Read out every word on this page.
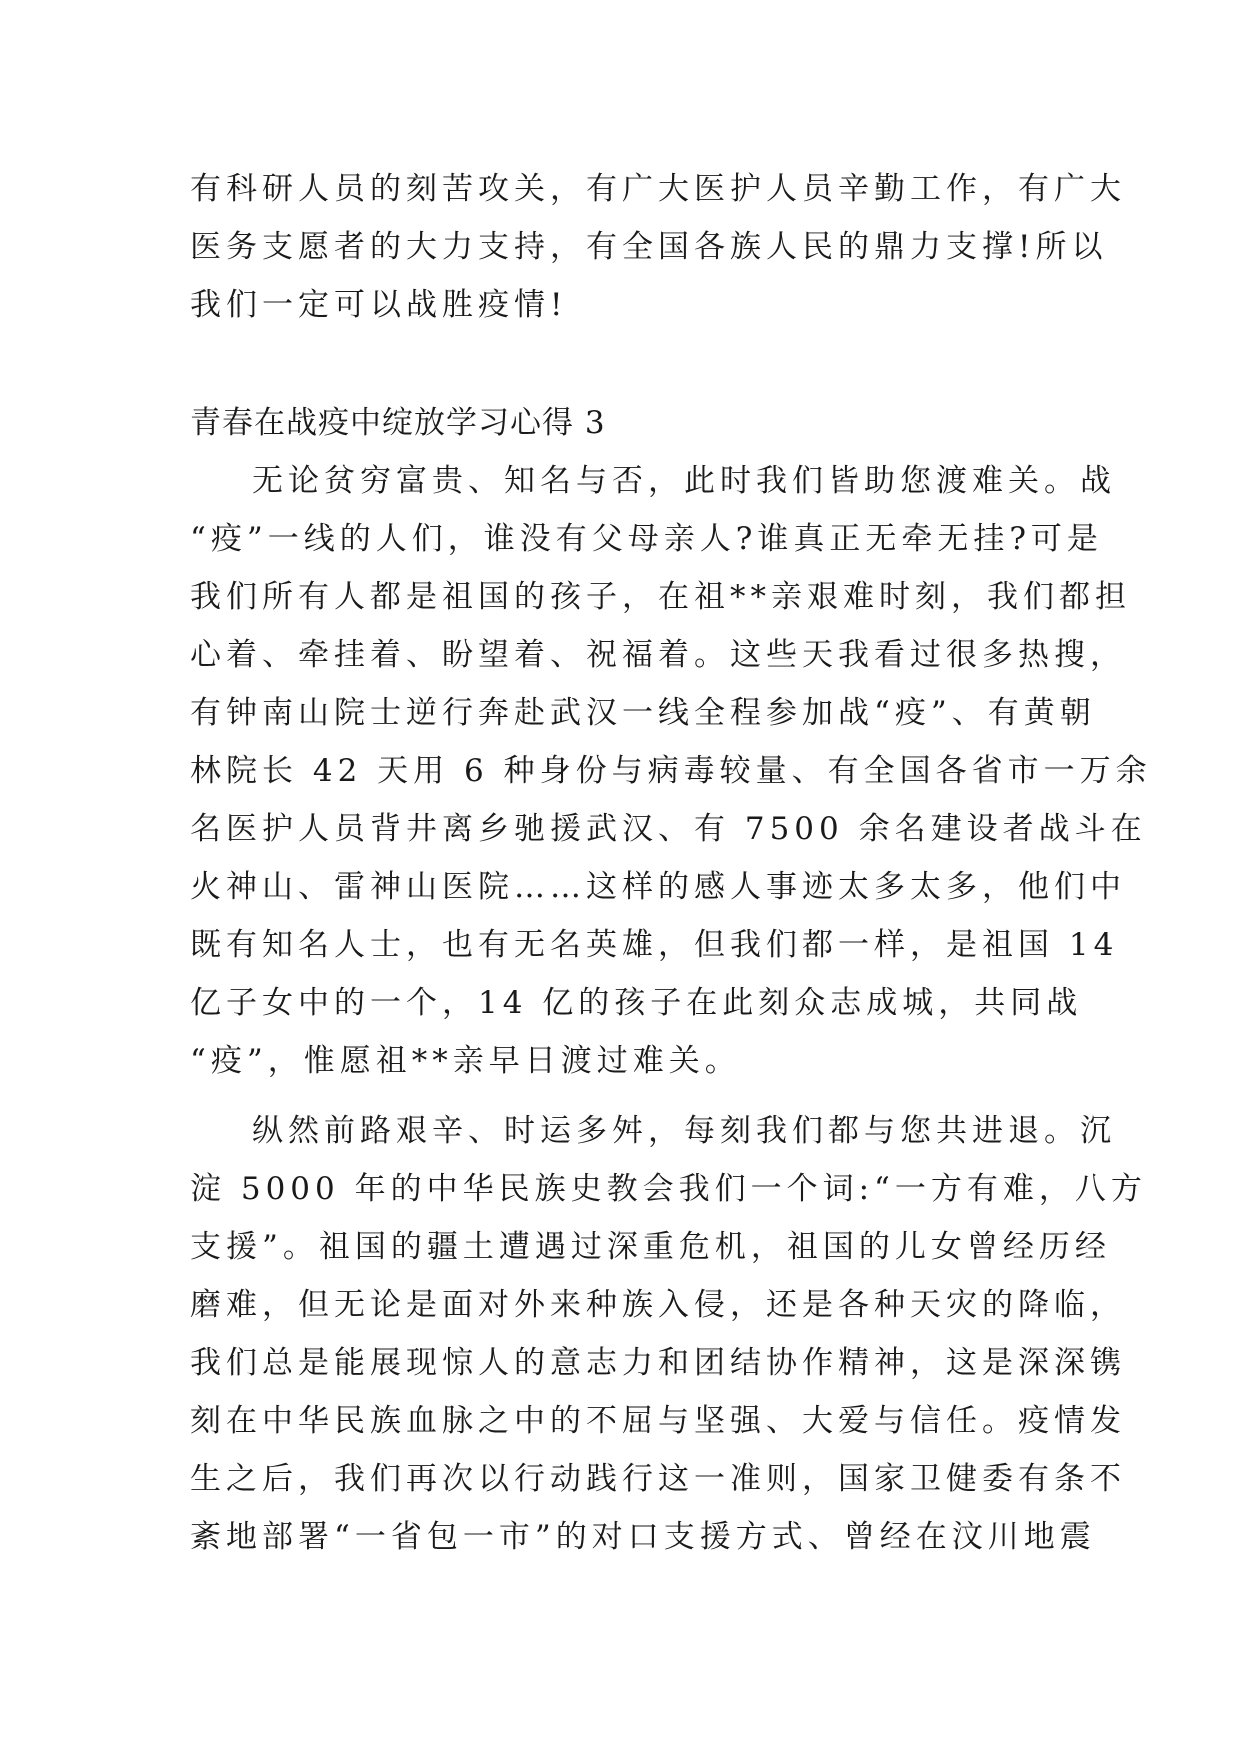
有科研人员的刻苦攻关，有广大医护人员辛勤工作，有广大
医务支愿者的大力支持，有全国各族人民的鼎力支撑!所以
我们一定可以战胜疫情!
青春在战疫中绽放学习心得 3
无论贫穷富贵、知名与否，此时我们皆助您渡难关。战
“疫”一线的人们，谁没有父母亲人?谁真正无牵无挂?可是
我们所有人都是祖国的孩子，在祖**亲艰难时刻，我们都担
心着、牵挂着、盼望着、祝福着。这些天我看过很多热搜，
有钟南山院士逆行奔赴武汉一线全程参加战“疫”、有黄朝
林院长 42 天用 6 种身份与病毒较量、有全国各省市一万余
名医护人员背井离乡驰援武汉、有 7500 余名建设者战斗在
火神山、雷神山医院……这样的感人事迹太多太多，他们中
既有知名人士，也有无名英雄，但我们都一样，是祖国 14
亿子女中的一个，14 亿的孩子在此刻众志成城，共同战
“疫”，惟愿祖**亲早日渡过难关。
纵然前路艰辛、时运多舛，每刻我们都与您共进退。沉
淀 5000 年的中华民族史教会我们一个词:“一方有难，八方
支援”。祖国的疆土遭遇过深重危机，祖国的儿女曾经历经
磨难，但无论是面对外来种族入侵，还是各种天灾的降临，
我们总是能展现惊人的意志力和团结协作精神，这是深深镌
刻在中华民族血脉之中的不屈与坚强、大爱与信任。疫情发
生之后，我们再次以行动践行这一准则，国家卫健委有条不
紊地部署“一省包一市”的对口支援方式、曾经在汶川地震
